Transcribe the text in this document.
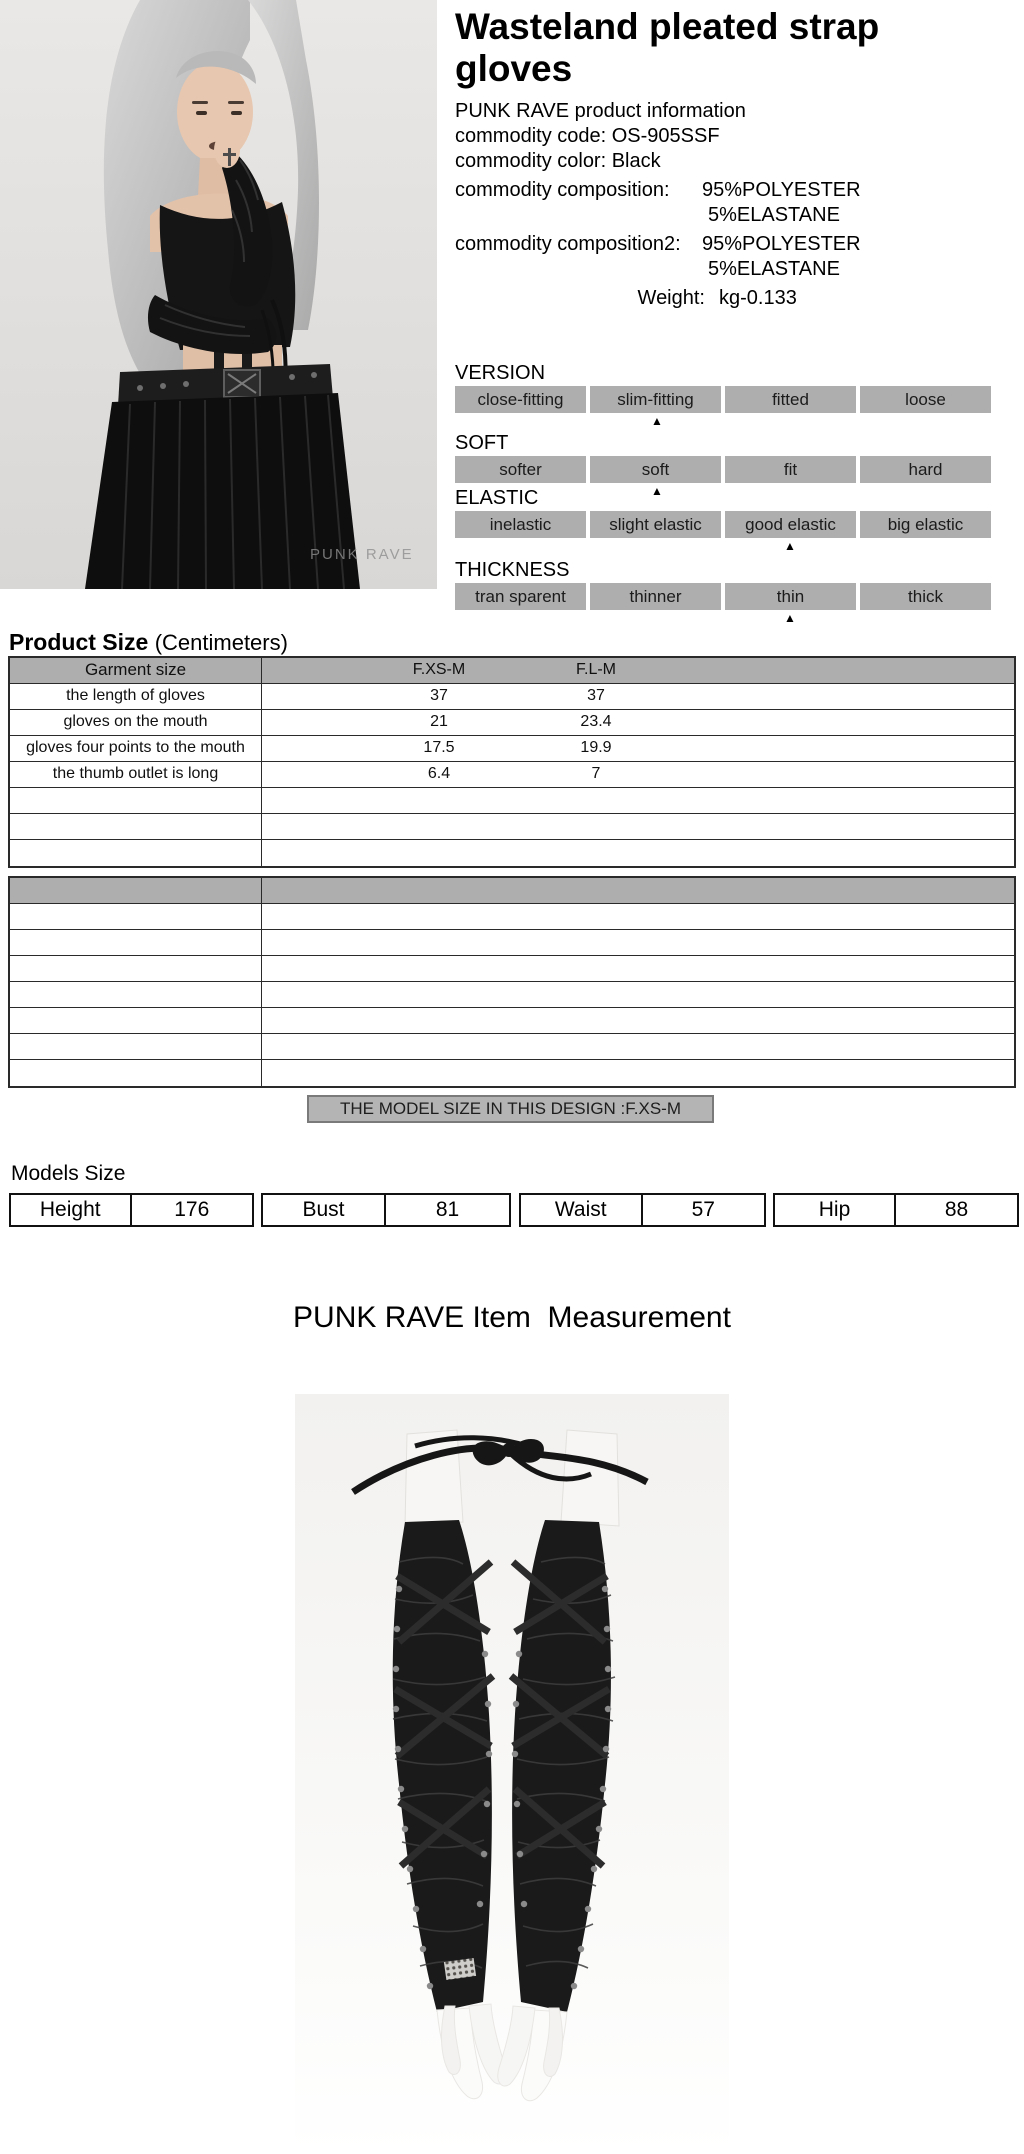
PUNK RAVE
Wasteland pleated strap gloves
PUNK RAVE product information
commodity code: OS-905SSF
commodity color: Black
commodity composition: 95%POLYESTER
5%ELASTANE
commodity composition2: 95%POLYESTER
5%ELASTANE
Weight: kg-0.133
VERSION
close-fitting	slim-fitting	fitted	loose
▲
SOFT
softer	soft	fit	hard
▲
ELASTIC
inelastic	slight elastic	good elastic	big elastic
▲
THICKNESS
tran sparent	thinner	thin	thick
▲
Product Size (Centimeters)
Garment size	F.XS-M	F.L-M
the length of gloves	37	37
gloves on the mouth	21	23.4
gloves four points to the mouth	17.5	19.9
the thumb outlet is long	6.4	7
THE MODEL SIZE IN THIS DESIGN :F.XS-M
Models Size
Height	176	Bust	81	Waist	57	Hip	88
PUNK RAVE Item  Measurement
